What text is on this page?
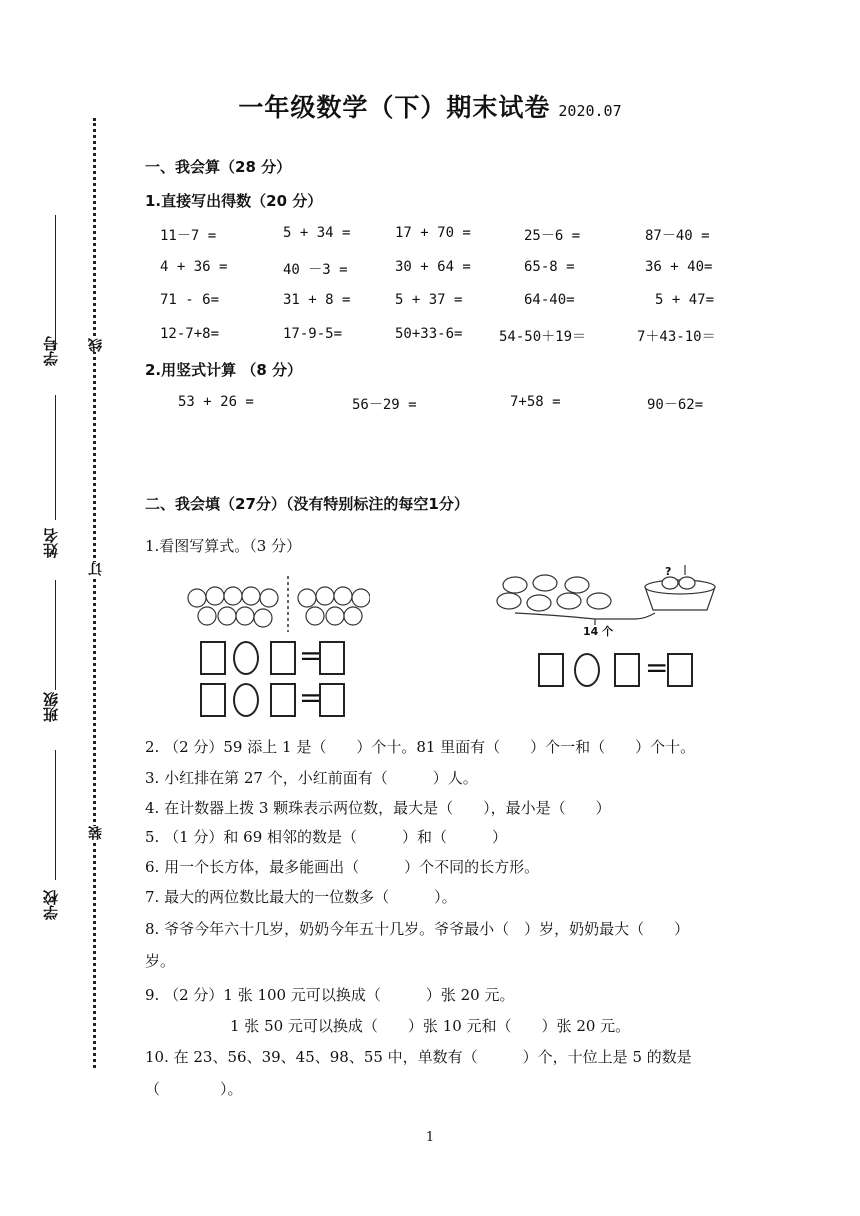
一年级数学（下）期末试卷 2020.07
学号
姓名
班级
学校
线
订
装
一、我会算（28 分）
1.直接写出得数（20 分）
11－7 =	5 + 34 =	17 + 70 =	25－6 =	87－40 =
4 + 36 =	40 －3 =	30 + 64 =	65-8 =	36 + 40=
71 - 6=	31 + 8 =	5 + 37 =	64-40=	5 + 47=
12-7+8=	17-9-5=	50+33-6=	54-50＋19＝	7＋43-10＝
2.用竖式计算 （8 分）
53 + 26 =	56－29 =	7+58 =	90－62=
二、我会填（27分）（没有特别标注的每空1分）
1.看图写算式。（3 分）
=
=
?
14 个
=
2. （2 分）59 添上 1 是（　　）个十。81 里面有（　　）个一和（　　）个十。
3. 小红排在第 27 个，小红前面有（　　　）人。
4. 在计数器上拨 3 颗珠表示两位数，最大是（　　），最小是（　　）
5. （1 分）和 69 相邻的数是（　　　）和（　　　）
6. 用一个长方体，最多能画出（　　　）个不同的长方形。
7. 最大的两位数比最大的一位数多（　　　）。
8. 爷爷今年六十几岁，奶奶今年五十几岁。爷爷最小（　）岁，奶奶最大（　　）
岁。
9. （2 分）1 张 100 元可以换成（　　　）张 20 元。
1 张 50 元可以换成（　　）张 10 元和（　　）张 20 元。
10. 在 23、56、39、45、98、55 中，单数有（　　　）个，十位上是 5 的数是
（　　　　）。
1
